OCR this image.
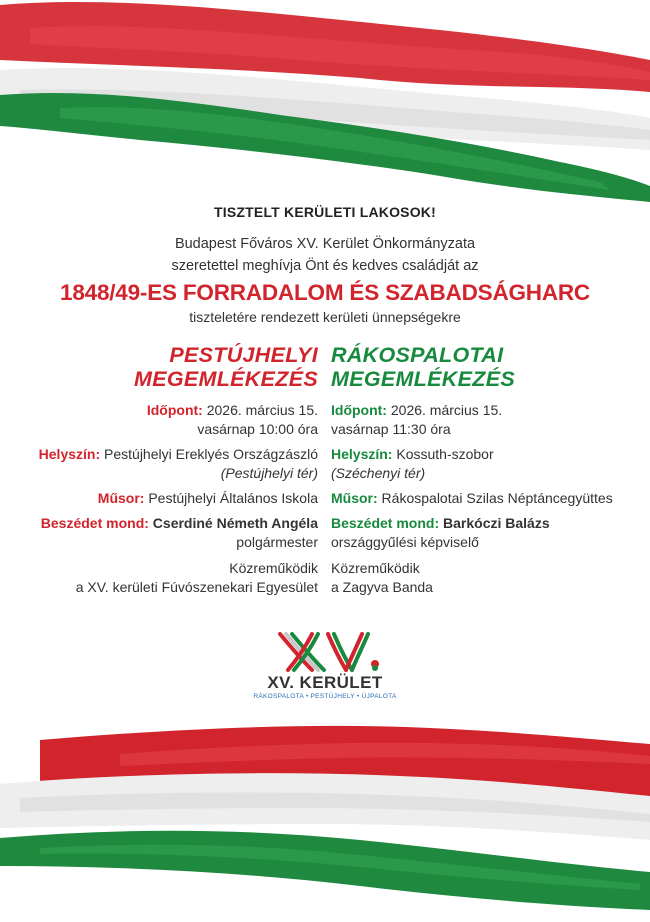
TISZTELT KERÜLETI LAKOSOK!
Budapest Főváros XV. Kerület Önkormányzata
szeretettel meghívja Önt és kedves családját az
1848/49-ES FORRADALOM ÉS SZABADSÁGHARC
tiszteletére rendezett kerületi ünnepségekre
PESTÚJHELYI
MEGEMLÉKEZÉS
Időpont: 2026. március 15.
vasárnap 10:00 óra
Helyszín: Pestújhelyi Ereklyés Országzászló
(Pestújhelyi tér)
Műsor: Pestújhelyi Általános Iskola
Beszédet mond: Cserdiné Németh Angéla
polgármester
Közreműködik
a XV. kerületi Fúvószenekari Egyesület
RÁKOSPALOTAI
MEGEMLÉKEZÉS
Időpont: 2026. március 15.
vasárnap 11:30 óra
Helyszín: Kossuth-szobor
(Széchenyi tér)
Műsor: Rákospalotai Szilas Néptáncegyüttes
Beszédet mond: Barkóczi Balázs
országgyűlési képviselő
Közreműködik
a Zagyva Banda
XV. KERÜLET
RÁKOSPALOTA • PESTÚJHELY • ÚJPALOTA
